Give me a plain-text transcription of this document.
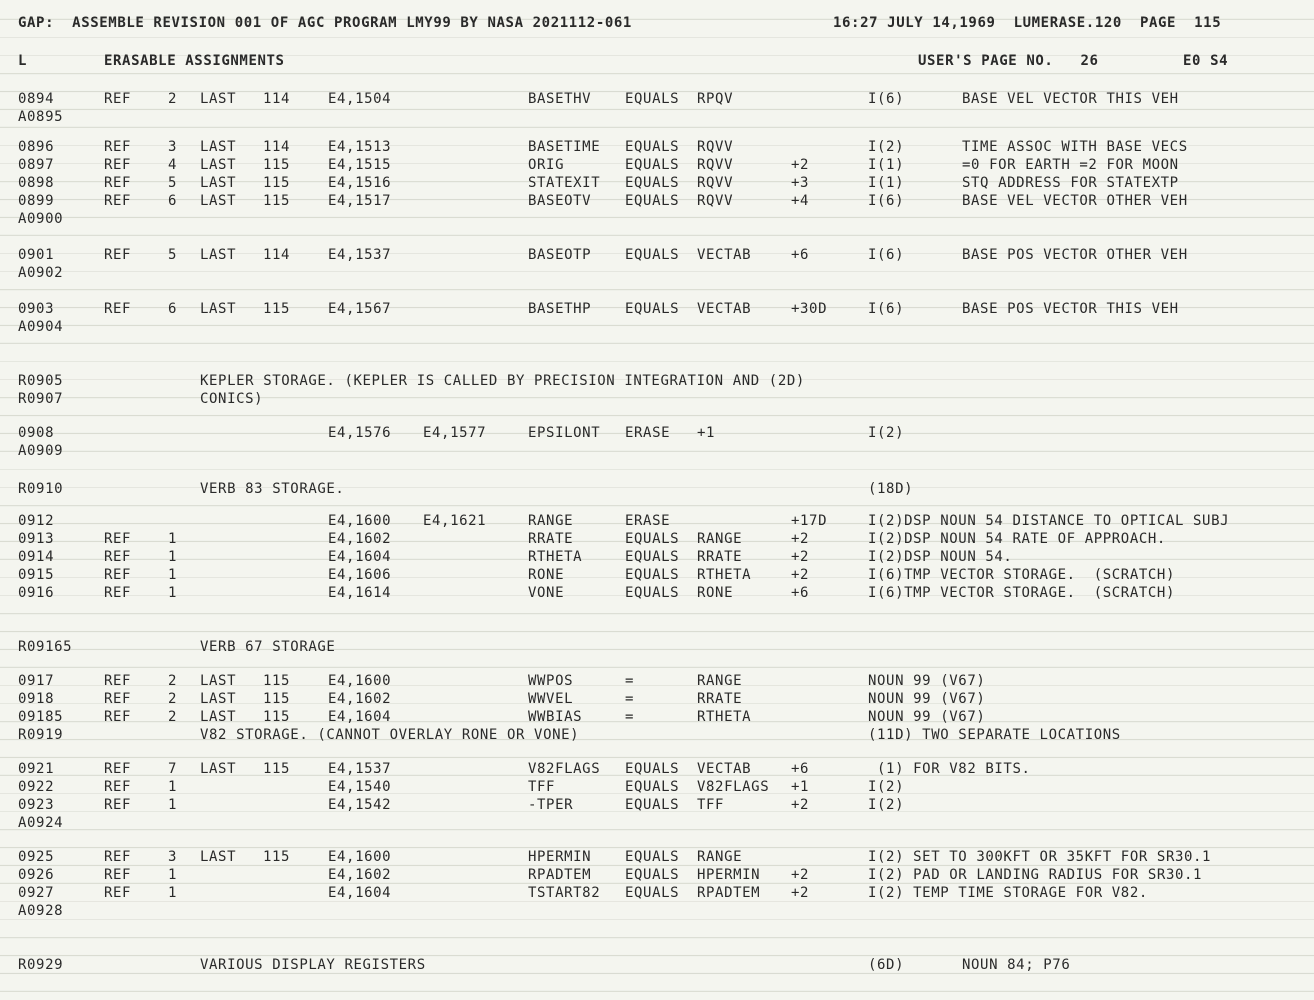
GAP:  ASSEMBLE REVISION 001 OF AGC PROGRAM LMY99 BY NASA 2021112-061

	16:27 JULY 14,1969  LUMERASE.120  PAGE  115

L

	ERASABLE ASSIGNMENTS

	USER'S PAGE NO.   26

	E0 S4

0894	REF	2 LAST 114	E4,1504	BASETHV EQUALS RPQV	I(6)	BASE VEL VECTOR THIS VEH
A0895
0896	REF	3 LAST 114	E4,1513	BASETIME EQUALS RQVV	I(2)	TIME ASSOC WITH BASE VECS
0897	REF	4 LAST 115	E4,1515	ORIG	EQUALS RQVV	+2	I(1)	=0 FOR EARTH =2 FOR MOON
0898	REF	5 LAST 115	E4,1516	STATEXIT EQUALS RQVV	+3	I(1)	STQ ADDRESS FOR STATEXTP
0899	REF	6 LAST 115	E4,1517	BASEOTV EQUALS RQVV	+4	I(6)	BASE VEL VECTOR OTHER VEH
A0900
0901	REF	5 LAST 114	E4,1537	BASEOTP EQUALS VECTAB	+6	I(6)	BASE POS VECTOR OTHER VEH
A0902
0903	REF	6 LAST 115	E4,1567	BASETHP EQUALS VECTAB	+30D	I(6)	BASE POS VECTOR THIS VEH
A0904
R0905	KEPLER STORAGE. (KEPLER IS CALLED BY PRECISION INTEGRATION AND (2D)
R0907	CONICS)
0908	E4,1576 E4,1577	EPSILONT ERASE +1	I(2)
A0909
R0910	VERB 83 STORAGE.	(18D)
0912	E4,1600 E4,1621	RANGE	ERASE	+17D	I(2)DSP NOUN 54 DISTANCE TO OPTICAL SUBJ
0913	REF	1	E4,1602	RRATE	EQUALS RANGE	+2	I(2)DSP NOUN 54 RATE OF APPROACH.
0914	REF	1	E4,1604	RTHETA	EQUALS RRATE	+2	I(2)DSP NOUN 54.
0915	REF	1	E4,1606	RONE	EQUALS RTHETA	+2	I(6)TMP VECTOR STORAGE.  (SCRATCH)
0916	REF	1	E4,1614	VONE	EQUALS RONE	+6	I(6)TMP VECTOR STORAGE.  (SCRATCH)
R09165	VERB 67 STORAGE
0917	REF	2 LAST 115	E4,1600	WWPOS	=	RANGE	NOUN 99 (V67)
0918	REF	2 LAST 115	E4,1602	WWVEL	=	RRATE	NOUN 99 (V67)
09185	REF	2 LAST 115	E4,1604	WWBIAS	=	RTHETA	NOUN 99 (V67)
R0919	V82 STORAGE. (CANNOT OVERLAY RONE OR VONE)	(11D) TWO SEPARATE LOCATIONS
0921	REF	7 LAST 115	E4,1537	V82FLAGS EQUALS VECTAB	+6	(1) FOR V82 BITS.
0922	REF	1	E4,1540	TFF	EQUALS V82FLAGS +1	I(2)
0923	REF	1	E4,1542	-TPER	EQUALS TFF	+2	I(2)
A0924
0925	REF	3 LAST 115	E4,1600	HPERMIN EQUALS RANGE	I(2) SET TO 300KFT OR 35KFT FOR SR30.1
0926	REF	1	E4,1602	RPADTEM EQUALS HPERMIN +2	I(2) PAD OR LANDING RADIUS FOR SR30.1
0927	REF	1	E4,1604	TSTART82 EQUALS RPADTEM +2	I(2) TEMP TIME STORAGE FOR V82.
A0928
R0929	VARIOUS DISPLAY REGISTERS	(6D)	NOUN 84; P76
